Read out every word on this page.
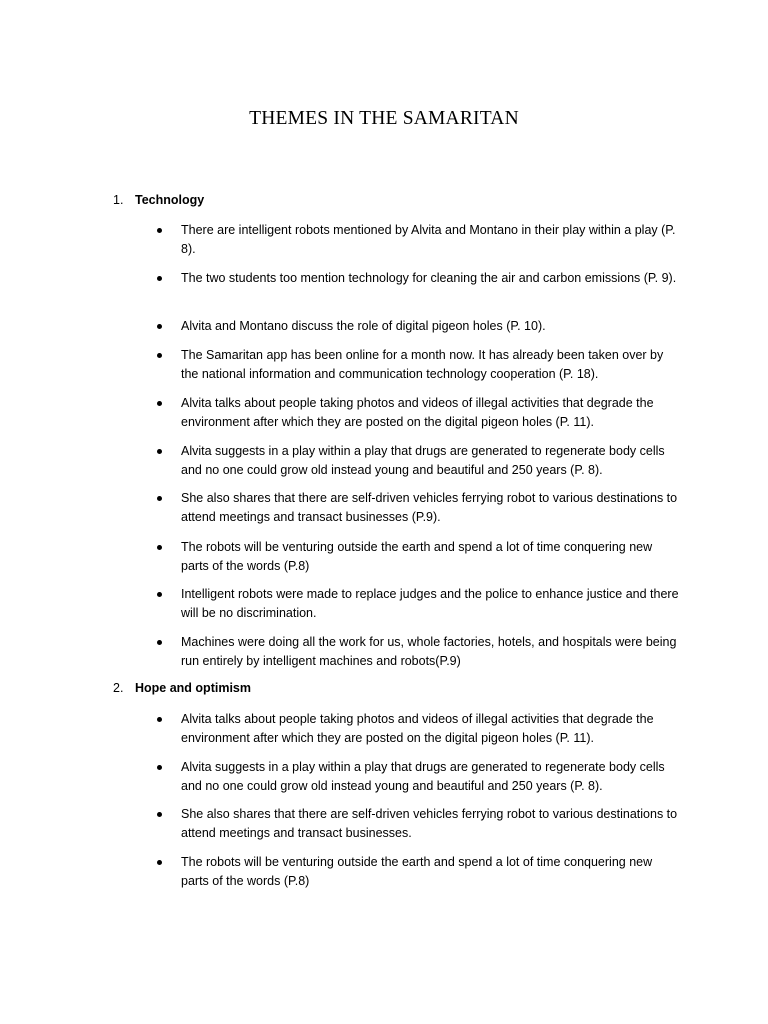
THEMES IN THE SAMARITAN
1. Technology
There are intelligent robots mentioned by Alvita and Montano in their play within a play (P. 8).
The two students too mention technology for cleaning the air and carbon emissions (P. 9).
Alvita and Montano discuss the role of digital pigeon holes (P. 10).
The Samaritan app has been online for a month now. It has already been taken over by the national information and communication technology cooperation (P. 18).
Alvita talks about people taking photos and videos of illegal activities that degrade the environment after which they are posted on the digital pigeon holes (P. 11).
Alvita suggests in a play within a play that drugs are generated to regenerate body cells and no one could grow old instead young and beautiful and 250 years (P. 8).
She also shares that there are self-driven vehicles ferrying robot to various destinations to attend meetings and transact businesses (P.9).
The robots will be venturing outside the earth and spend a lot of time conquering new parts of the words (P.8)
Intelligent robots were made to replace judges and the police to enhance justice and there will be no discrimination.
Machines were doing all the work for us, whole factories, hotels, and hospitals were being run entirely by intelligent machines and robots(P.9)
2. Hope and optimism
Alvita talks about people taking photos and videos of illegal activities that degrade the environment after which they are posted on the digital pigeon holes (P. 11).
Alvita suggests in a play within a play that drugs are generated to regenerate body cells and no one could grow old instead young and beautiful and 250 years (P. 8).
She also shares that there are self-driven vehicles ferrying robot to various destinations to attend meetings and transact businesses.
The robots will be venturing outside the earth and spend a lot of time conquering new parts of the words (P.8)
